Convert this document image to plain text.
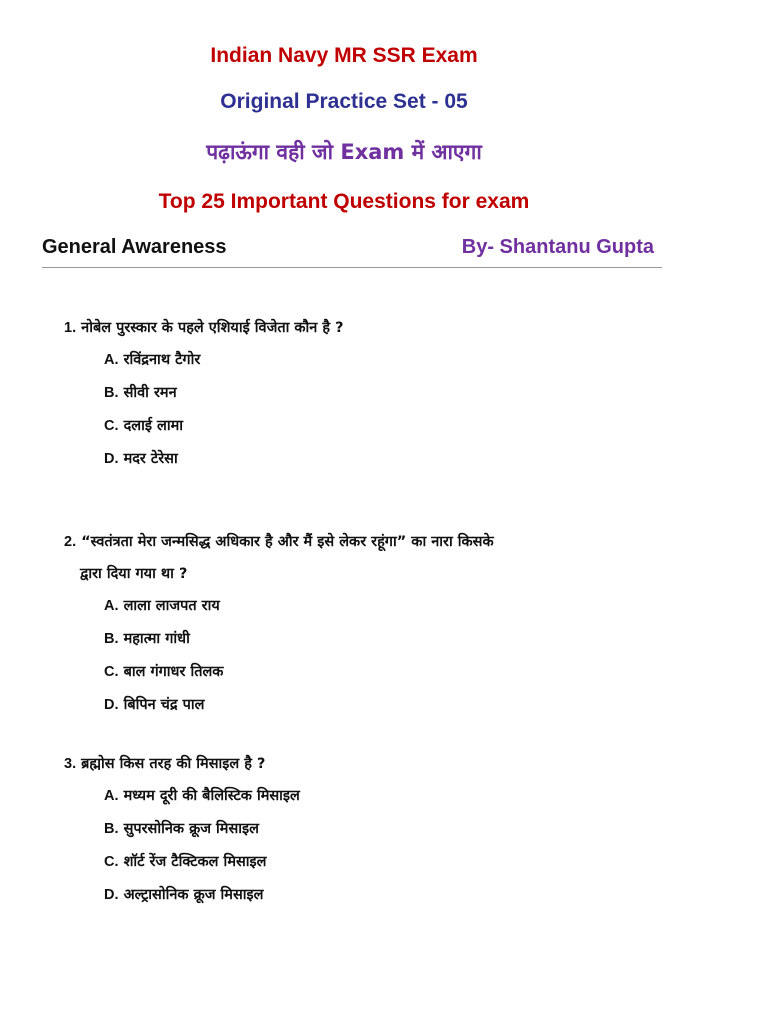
Indian Navy MR SSR Exam
Original Practice Set - 05
पढ़ाऊंगा वही जो Exam में आएगा
Top 25 Important Questions for exam
General Awareness	By- Shantanu Gupta
1. नोबेल पुरस्कार के पहले एशियाई विजेता कौन है ?
A. रविंद्रनाथ टैगोर
B. सीवी रमन
C. दलाई लामा
D. मदर टेरेसा
2. “स्वतंत्रता मेरा जन्मसिद्ध अधिकार है और मैं इसे लेकर रहूंगा” का नारा किसके
द्वारा दिया गया था ?
A. लाला लाजपत राय
B. महात्मा गांधी
C. बाल गंगाधर तिलक
D. बिपिन चंद्र पाल
3. ब्रह्मोस किस तरह की मिसाइल है ?
A. मध्यम दूरी की बैलिस्टिक मिसाइल
B. सुपरसोनिक क्रूज मिसाइल
C. शॉर्ट रेंज टैक्टिकल मिसाइल
D. अल्ट्रासोनिक क्रूज मिसाइल
